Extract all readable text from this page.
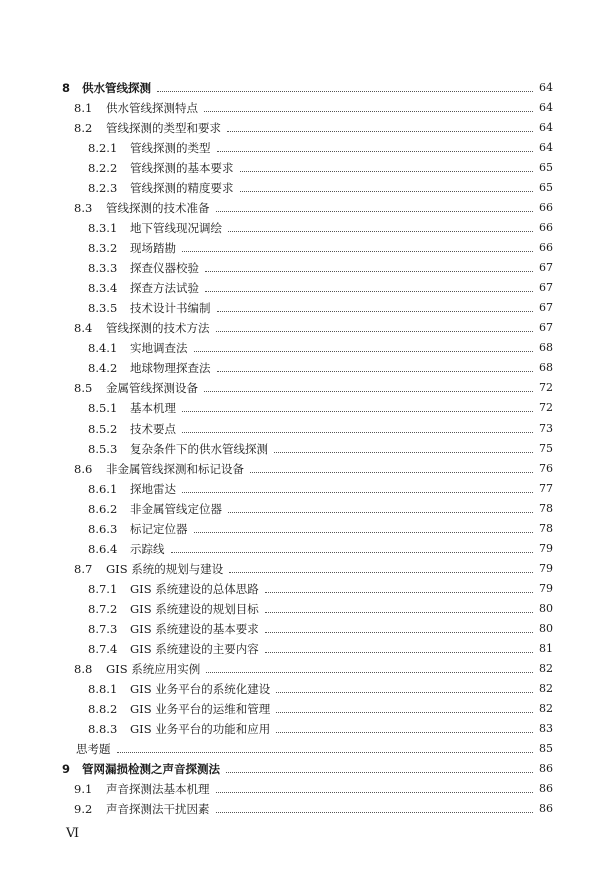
8	供水管线探测	64
8.1	供水管线探测特点	64
8.2	管线探测的类型和要求	64
8.2.1	管线探测的类型	64
8.2.2	管线探测的基本要求	65
8.2.3	管线探测的精度要求	65
8.3	管线探测的技术准备	66
8.3.1	地下管线现况调绘	66
8.3.2	现场踏勘	66
8.3.3	探查仪器校验	67
8.3.4	探查方法试验	67
8.3.5	技术设计书编制	67
8.4	管线探测的技术方法	67
8.4.1	实地调查法	68
8.4.2	地球物理探查法	68
8.5	金属管线探测设备	72
8.5.1	基本机理	72
8.5.2	技术要点	73
8.5.3	复杂条件下的供水管线探测	75
8.6	非金属管线探测和标记设备	76
8.6.1	探地雷达	77
8.6.2	非金属管线定位器	78
8.6.3	标记定位器	78
8.6.4	示踪线	79
8.7	GIS 系统的规划与建设	79
8.7.1	GIS 系统建设的总体思路	79
8.7.2	GIS 系统建设的规划目标	80
8.7.3	GIS 系统建设的基本要求	80
8.7.4	GIS 系统建设的主要内容	81
8.8	GIS 系统应用实例	82
8.8.1	GIS 业务平台的系统化建设	82
8.8.2	GIS 业务平台的运维和管理	82
8.8.3	GIS 业务平台的功能和应用	83
思考题	85
9	管网漏损检测之声音探测法	86
9.1	声音探测法基本机理	86
9.2	声音探测法干扰因素	86
Ⅵ
